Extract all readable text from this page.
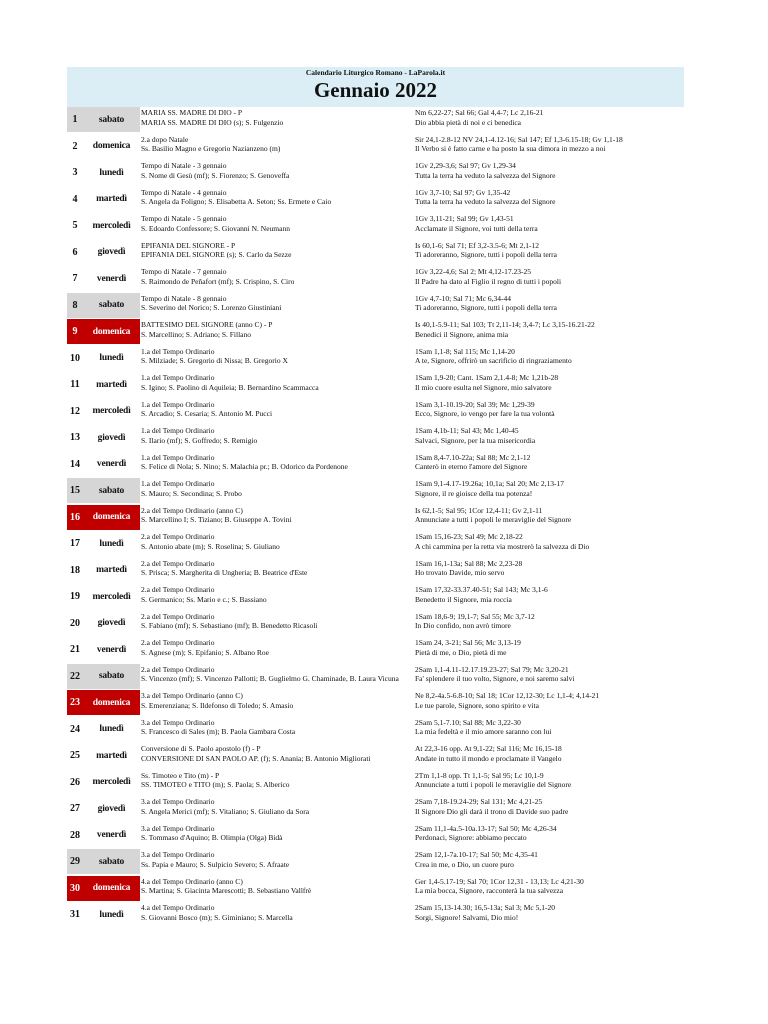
Calendario Liturgico Romano - LaParola.it
Gennaio 2022
1	sabato
MARIA SS. MADRE DI DIO - P
MARIA SS. MADRE DI DIO (s); S. Fulgenzio
Nm 6,22-27; Sal 66; Gal 4,4-7; Lc 2,16-21
Dio abbia pietà di noi e ci benedica
2	domenica
2.a dopo Natale
Ss. Basilio Magno e Gregorio Nazianzeno (m)
Sir 24,1-2.8-12 NV 24,1-4.12-16; Sal 147; Ef 1,3-6.15-18; Gv 1,1-18
Il Verbo si è fatto carne e ha posto la sua dimora in mezzo a noi
3	lunedì
Tempo di Natale - 3 gennaio
S. Nome di Gesù (mf); S. Fiorenzo; S. Genoveffa
1Gv 2,29-3,6; Sal 97; Gv 1,29-34
Tutta la terra ha veduto la salvezza del Signore
4	martedì
Tempo di Natale - 4 gennaio
S. Angela da Foligno; S. Elisabetta A. Seton; Ss. Ermete e Caio
1Gv 3,7-10; Sal 97; Gv 1,35-42
Tutta la terra ha veduto la salvezza del Signore
5	mercoledì
Tempo di Natale - 5 gennaio
S. Edoardo Confessore; S. Giovanni N. Neumann
1Gv 3,11-21; Sal 99; Gv 1,43-51
Acclamate il Signore, voi tutti della terra
6	giovedì
EPIFANIA DEL SIGNORE - P
EPIFANIA DEL SIGNORE (s); S. Carlo da Sezze
Is 60,1-6; Sal 71; Ef 3,2-3.5-6; Mt 2,1-12
Ti adoreranno, Signore, tutti i popoli della terra
7	venerdì
Tempo di Natale - 7 gennaio
S. Raimondo de Peñafort (mf); S. Crispino, S. Ciro
1Gv 3,22-4,6; Sal 2; Mt 4,12-17.23-25
Il Padre ha dato al Figlio il regno di tutti i popoli
8	sabato
Tempo di Natale - 8 gennaio
S. Severino del Norico; S. Lorenzo Giustiniani
1Gv 4,7-10; Sal 71; Mc 6,34-44
Ti adoreranno, Signore, tutti i popoli della terra
9	domenica
BATTESIMO DEL SIGNORE (anno C) - P
S. Marcellino; S. Adriano; S. Fillano
Is 40,1-5.9-11; Sal 103; Tt 2,11-14; 3,4-7; Lc 3,15-16.21-22
Benedici il Signore, anima mia
10	lunedì
1.a del Tempo Ordinario
S. Milziade; S. Gregorio di Nissa; B. Gregorio X
1Sam 1,1-8; Sal 115; Mc 1,14-20
A te, Signore, offrirò un sacrificio di ringraziamento
11	martedì
1.a del Tempo Ordinario
S. Igino; S. Paolino di Aquileia; B. Bernardino Scammacca
1Sam 1,9-20; Cant. 1Sam 2,1.4-8; Mc 1,21b-28
Il mio cuore esulta nel Signore, mio salvatore
12	mercoledì
1.a del Tempo Ordinario
S. Arcadio; S. Cesaria; S. Antonio M. Pucci
1Sam 3,1-10.19-20; Sal 39; Mc 1,29-39
Ecco, Signore, io vengo per fare la tua volontà
13	giovedì
1.a del Tempo Ordinario
S. Ilario (mf); S. Goffredo; S. Remigio
1Sam 4,1b-11; Sal 43; Mc 1,40-45
Salvaci, Signore, per la tua misericordia
14	venerdì
1.a del Tempo Ordinario
S. Felice di Nola; S. Nino; S. Malachia pr.; B. Odorico da Pordenone
1Sam 8,4-7.10-22a; Sal 88; Mc 2,1-12
Canterò in eterno l'amore del Signore
15	sabato
1.a del Tempo Ordinario
S. Mauro; S. Secondina; S. Probo
1Sam 9,1-4.17-19.26a; 10,1a; Sal 20; Mc 2,13-17
Signore, il re gioisce della tua potenza!
16	domenica
2.a del Tempo Ordinario (anno C)
S. Marcellino I; S. Tiziano; B. Giuseppe A. Tovini
Is 62,1-5; Sal 95; 1Cor 12,4-11; Gv 2,1-11
Annunciate a tutti i popoli le meraviglie del Signore
17	lunedì
2.a del Tempo Ordinario
S. Antonio abate (m); S. Roselina; S. Giuliano
1Sam 15,16-23; Sal 49; Mc 2,18-22
A chi cammina per la retta via mostrerò la salvezza di Dio
18	martedì
2.a del Tempo Ordinario
S. Prisca; S. Margherita di Ungheria; B. Beatrice d'Este
1Sam 16,1-13a; Sal 88; Mc 2,23-28
Ho trovato Davide, mio servo
19	mercoledì
2.a del Tempo Ordinario
S. Germanico; Ss. Mario e c.; S. Bassiano
1Sam 17,32-33.37.40-51; Sal 143; Mc 3,1-6
Benedetto il Signore, mia roccia
20	giovedì
2.a del Tempo Ordinario
S. Fabiano (mf); S. Sebastiano (mf); B. Benedetto Ricasoli
1Sam 18,6-9; 19,1-7; Sal 55; Mc 3,7-12
In Dio confido, non avrò timore
21	venerdì
2.a del Tempo Ordinario
S. Agnese (m); S. Epifanio; S. Albano Roe
1Sam 24, 3-21; Sal 56; Mc 3,13-19
Pietà di me, o Dio, pietà di me
22	sabato
2.a del Tempo Ordinario
S. Vincenzo (mf); S. Vincenzo Pallotti; B. Guglielmo G. Chaminade, B. Laura Vicuna
2Sam 1,1-4.11-12.17.19.23-27; Sal 79; Mc 3,20-21
Fa' splendere il tuo volto, Signore, e noi saremo salvi
23	domenica
3.a del Tempo Ordinario (anno C)
S. Emerenziana; S. Ildefonso di Toledo; S. Amasio
Ne 8,2-4a.5-6.8-10; Sal 18; 1Cor 12,12-30; Lc 1,1-4; 4,14-21
Le tue parole, Signore, sono spirito e vita
24	lunedì
3.a del Tempo Ordinario
S. Francesco di Sales (m); B. Paola Gambara Costa
2Sam 5,1-7.10; Sal 88; Mc 3,22-30
La mia fedeltà e il mio amore saranno con lui
25	martedì
Conversione di S. Paolo apostolo (f) - P
CONVERSIONE DI SAN PAOLO AP. (f); S. Anania; B. Antonio Migliorati
At 22,3-16 opp. At 9,1-22; Sal 116; Mc 16,15-18
Andate in tutto il mondo e proclamate il Vangelo
26	mercoledì
Ss. Timoteo e Tito (m) - P
SS. TIMOTEO e TITO (m); S. Paola; S. Alberico
2Tm 1,1-8 opp. Tt 1,1-5; Sal 95; Lc 10,1-9
Annunciate a tutti i popoli le meraviglie del Signore
27	giovedì
3.a del Tempo Ordinario
S. Angela Merici (mf); S. Vitaliano; S. Giuliano da Sora
2Sam 7,18-19.24-29; Sal 131; Mc 4,21-25
Il Signore Dio gli darà il trono di Davide suo padre
28	venerdì
3.a del Tempo Ordinario
S. Tommaso d'Aquino; B. Olimpia (Olga) Bidà
2Sam 11,1-4a.5-10a.13-17; Sal 50; Mc 4,26-34
Perdonaci, Signore: abbiamo peccato
29	sabato
3.a del Tempo Ordinario
Ss. Papia e Mauro; S. Sulpicio Severo; S. Afraate
2Sam 12,1-7a.10-17; Sal 50; Mc 4,35-41
Crea in me, o Dio, un cuore puro
30	domenica
4.a del Tempo Ordinario (anno C)
S. Martina; S. Giacinta Marescotti; B. Sebastiano Vallfrè
Ger 1,4-5.17-19; Sal 70; 1Cor 12,31 - 13,13; Lc 4,21-30
La mia bocca, Signore, racconterà la tua salvezza
31	lunedì
4.a del Tempo Ordinario
S. Giovanni Bosco (m); S. Giminiano; S. Marcella
2Sam 15,13-14.30; 16,5-13a; Sal 3; Mc 5,1-20
Sorgi, Signore! Salvami, Dio mio!
